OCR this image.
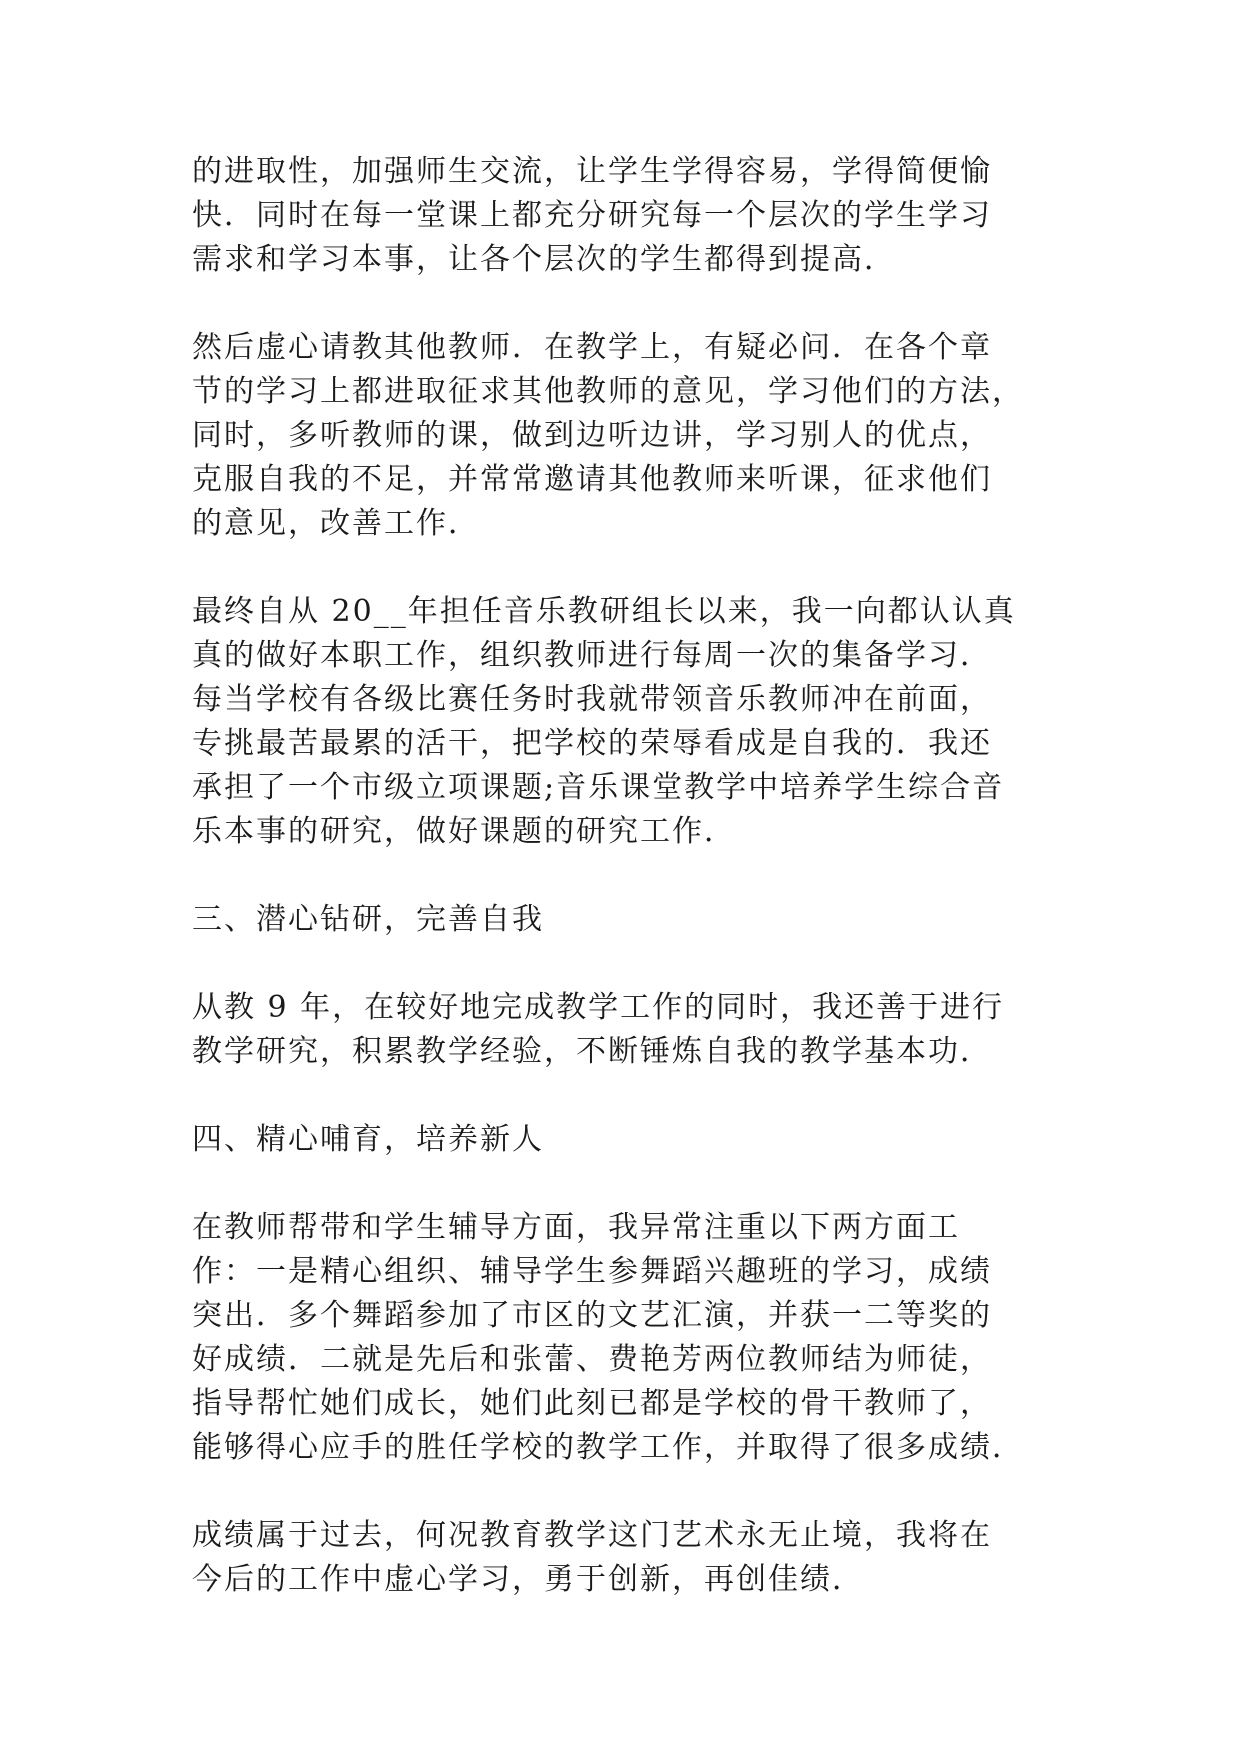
的进取性，加强师生交流，让学生学得容易，学得简便愉
快．同时在每一堂课上都充分研究每一个层次的学生学习
需求和学习本事，让各个层次的学生都得到提高．
然后虚心请教其他教师．在教学上，有疑必问．在各个章
节的学习上都进取征求其他教师的意见，学习他们的方法，
同时，多听教师的课，做到边听边讲，学习别人的优点，
克服自我的不足，并常常邀请其他教师来听课，征求他们
的意见，改善工作．
最终自从 20__年担任音乐教研组长以来，我一向都认认真
真的做好本职工作，组织教师进行每周一次的集备学习．
每当学校有各级比赛任务时我就带领音乐教师冲在前面，
专挑最苦最累的活干，把学校的荣辱看成是自我的．我还
承担了一个市级立项课题;音乐课堂教学中培养学生综合音
乐本事的研究，做好课题的研究工作．
三、潜心钻研，完善自我
从教 9 年，在较好地完成教学工作的同时，我还善于进行
教学研究，积累教学经验，不断锤炼自我的教学基本功．
四、精心哺育，培养新人
在教师帮带和学生辅导方面，我异常注重以下两方面工
作：一是精心组织、辅导学生参舞蹈兴趣班的学习，成绩
突出．多个舞蹈参加了市区的文艺汇演，并获一二等奖的
好成绩．二就是先后和张蕾、费艳芳两位教师结为师徒，
指导帮忙她们成长，她们此刻已都是学校的骨干教师了，
能够得心应手的胜任学校的教学工作，并取得了很多成绩．
成绩属于过去，何况教育教学这门艺术永无止境，我将在
今后的工作中虚心学习，勇于创新，再创佳绩．
